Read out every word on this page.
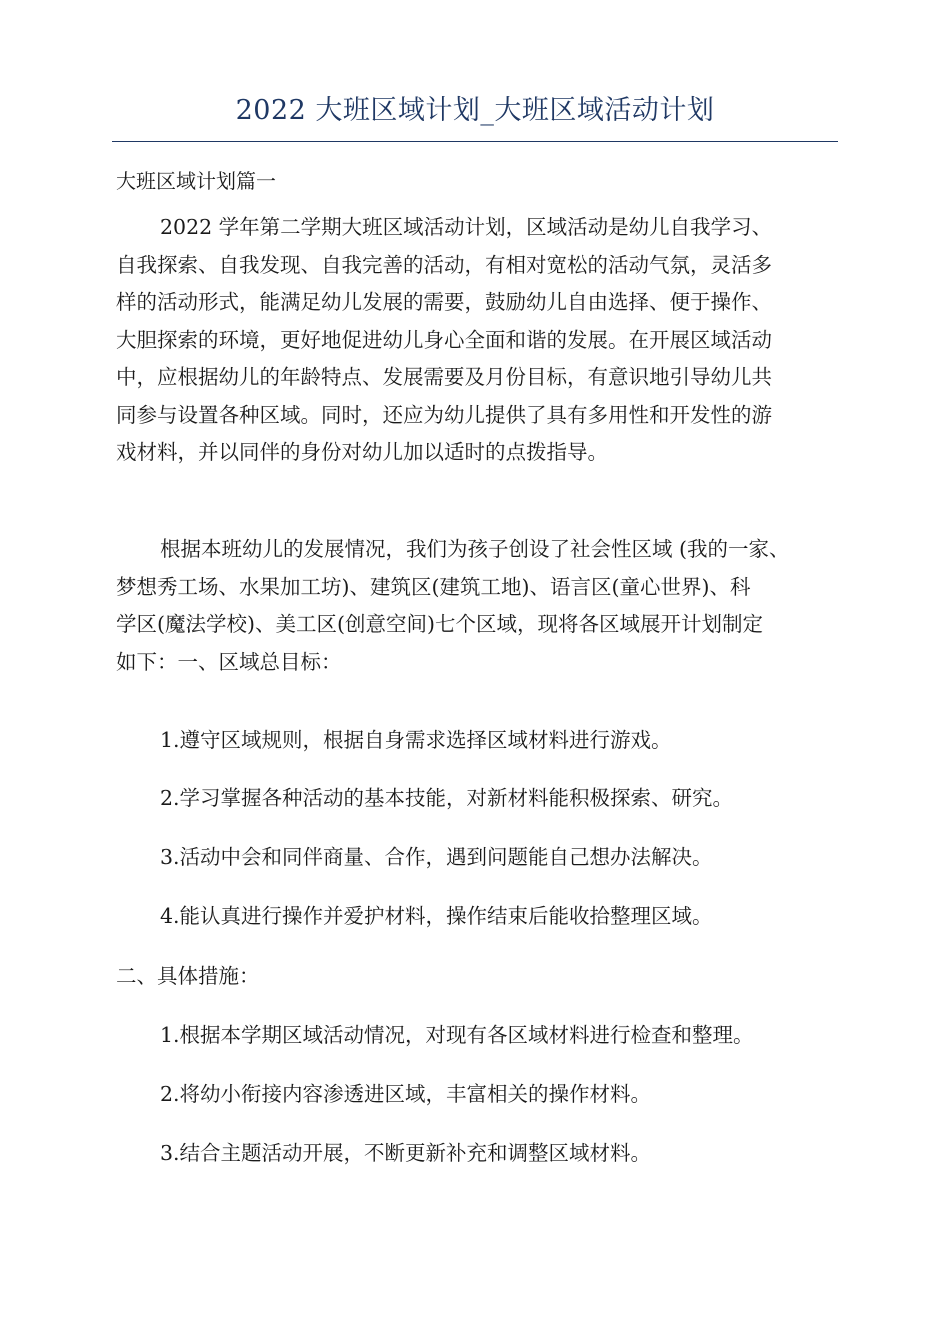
2022 大班区域计划_大班区域活动计划
大班区域计划篇一
2022 学年第二学期大班区域活动计划，区域活动是幼儿自我学习、
自我探索、自我发现、自我完善的活动，有相对宽松的活动气氛，灵活多
样的活动形式，能满足幼儿发展的需要，鼓励幼儿自由选择、便于操作、
大胆探索的环境，更好地促进幼儿身心全面和谐的发展。在开展区域活动
中，应根据幼儿的年龄特点、发展需要及月份目标，有意识地引导幼儿共
同参与设置各种区域。同时，还应为幼儿提供了具有多用性和开发性的游
戏材料，并以同伴的身份对幼儿加以适时的点拨指导。
根据本班幼儿的发展情况，我们为孩子创设了社会性区域 (我的一家、
梦想秀工场、水果加工坊)、建筑区(建筑工地)、语言区(童心世界)、科
学区(魔法学校)、美工区(创意空间)七个区域，现将各区域展开计划制定
如下：一、区域总目标：
1.遵守区域规则，根据自身需求选择区域材料进行游戏。
2.学习掌握各种活动的基本技能，对新材料能积极探索、研究。
3.活动中会和同伴商量、合作，遇到问题能自己想办法解决。
4.能认真进行操作并爱护材料，操作结束后能收拾整理区域。
二、具体措施：
1.根据本学期区域活动情况，对现有各区域材料进行检查和整理。
2.将幼小衔接内容渗透进区域，丰富相关的操作材料。
3.结合主题活动开展，不断更新补充和调整区域材料。
